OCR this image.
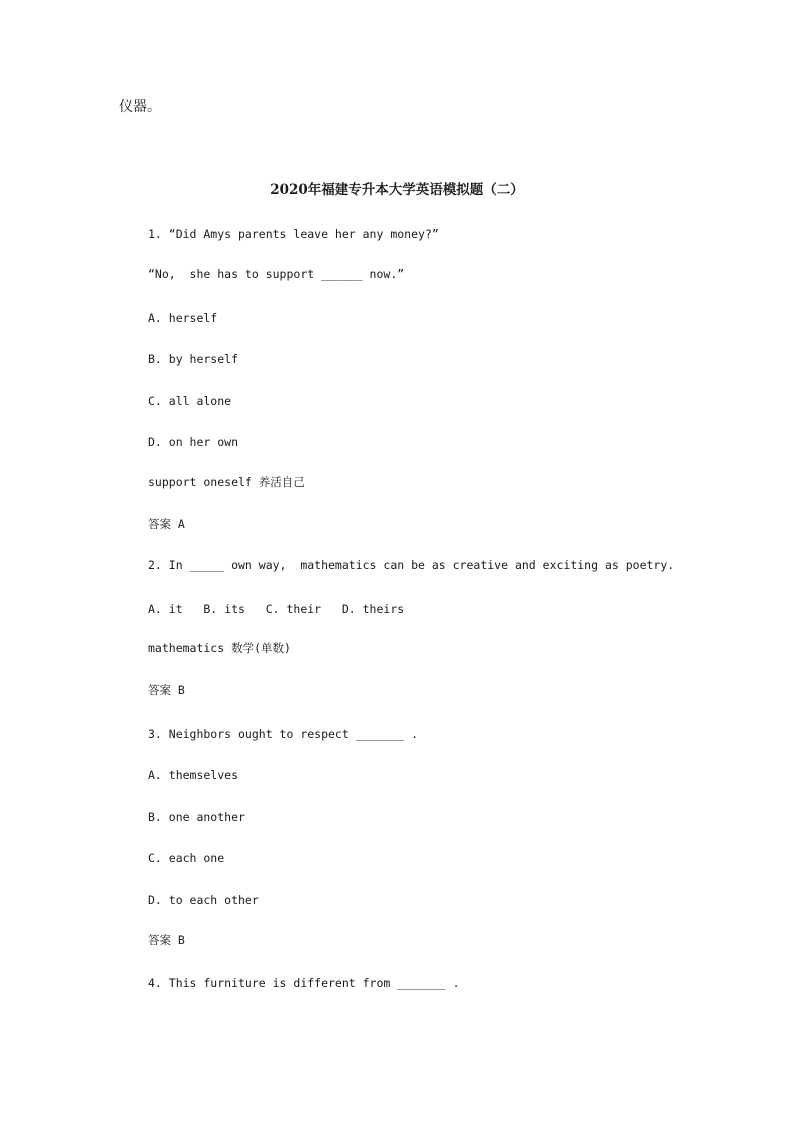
仪器。
2020年福建专升本大学英语模拟题（二）
1. “Did Amys parents leave her any money?”
“No,  she has to support ______ now.”
A. herself
B. by herself
C. all alone
D. on her own
support oneself 养活自己
答案 A
2. In _____ own way,  mathematics can be as creative and exciting as poetry.
A. it   B. its   C. their   D. theirs
mathematics 数学(单数)
答案 B
3. Neighbors ought to respect _______ .
A. themselves
B. one another
C. each one
D. to each other
答案 B
4. This furniture is different from _______ .
